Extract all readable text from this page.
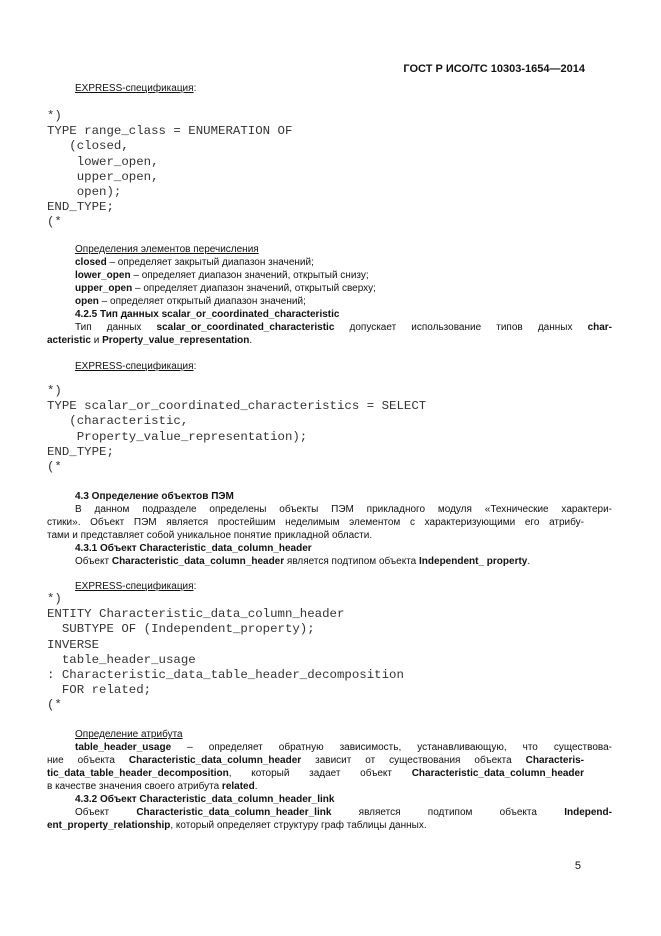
ГОСТ Р ИСО/ТС 10303-1654—2014
EXPRESS-спецификация:
*)
TYPE range_class = ENUMERATION OF
(closed,
lower_open,
upper_open,
open);
END_TYPE;
(*
Определения элементов перечисления
closed – определяет закрытый диапазон значений;
lower_open – определяет диапазон значений, открытый снизу;
upper_open – определяет диапазон значений, открытый сверху;
open – определяет открытый диапазон значений;
4.2.5 Тип данных scalar_or_coordinated_characteristic
Тип данных scalar_or_coordinated_characteristic допускает использование типов данных char-
acteristic и Property_value_representation.
EXPRESS-спецификация:
*)
TYPE scalar_or_coordinated_characteristics = SELECT
(characteristic,
Property_value_representation);
END_TYPE;
(*
4.3 Определение объектов ПЭМ
В данном подразделе определены объекты ПЭМ прикладного модуля «Технические характери-
стики». Объект ПЭМ является простейшим неделимым элементом с характеризующими его атрибу-
тами и представляет собой уникальное понятие прикладной области.
4.3.1 Объект Characteristic_data_column_header
Объект Characteristic_data_column_header является подтипом объекта Independent_ property.
EXPRESS-спецификация:
*)
ENTITY Characteristic_data_column_header
SUBTYPE OF (Independent_property);
INVERSE
table_header_usage
: Characteristic_data_table_header_decomposition
FOR related;
(*
Определение атрибута
table_header_usage – определяет обратную зависимость, устанавливающую, что существова-
ние объекта Characteristic_data_column_header зависит от существования объекта Characteris-
tic_data_table_header_decomposition, который задает объект Characteristic_data_column_header
в качестве значения своего атрибута related.
4.3.2 Объект Characteristic_data_column_header_link
Объект Characteristic_data_column_header_link является подтипом объекта Independ-
ent_property_relationship, который определяет структуру граф таблицы данных.
5
